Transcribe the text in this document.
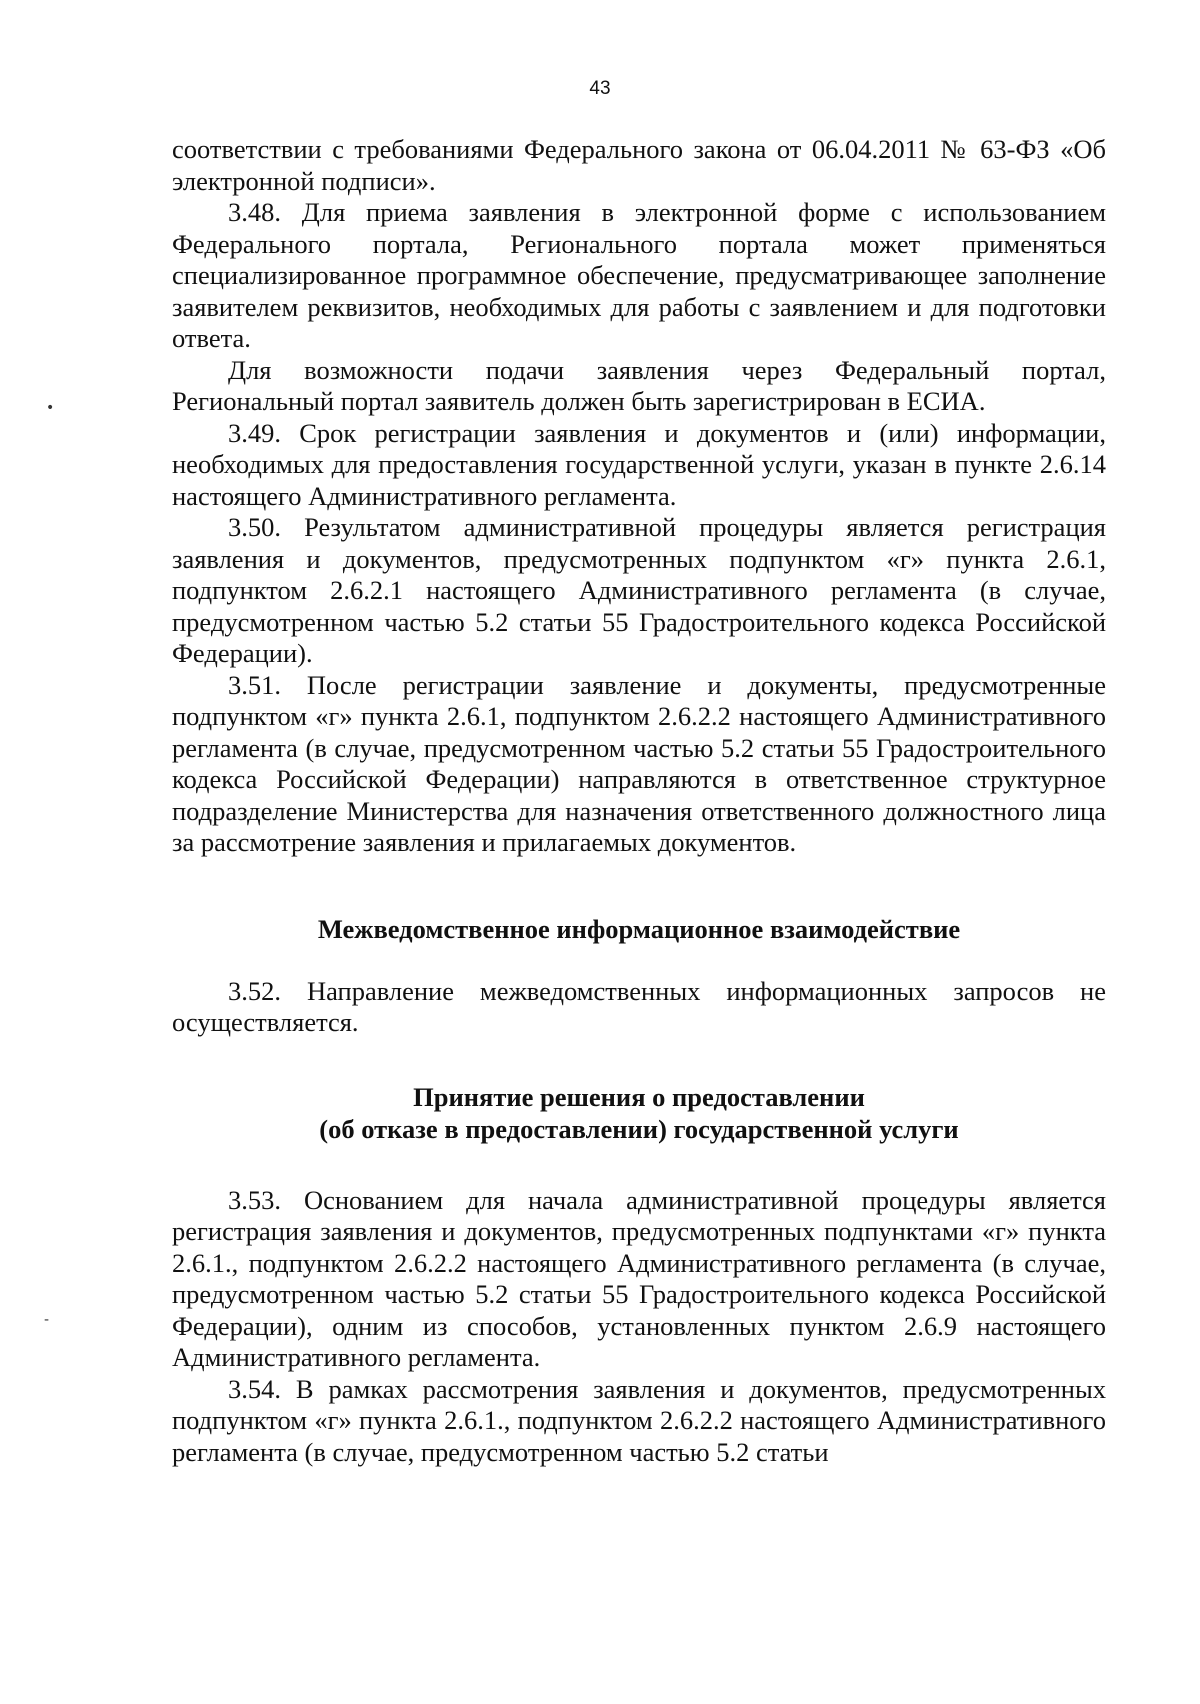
43
•
-

соответствии с требованиями Федерального закона от 06.04.2011 № 63-ФЗ «Об электронной подписи».

3.48. Для приема заявления в электронной форме с использованием Федерального портала, Регионального портала может применяться специализированное программное обеспечение, предусматривающее заполнение заявителем реквизитов, необходимых для работы с заявлением и для подготовки ответа.

Для возможности подачи заявления через Федеральный портал, Региональный портал заявитель должен быть зарегистрирован в ЕСИА.

3.49. Срок регистрации заявления и документов и (или) информации, необходимых для предоставления государственной услуги, указан в пункте 2.6.14 настоящего Административного регламента.

3.50. Результатом административной процедуры является регистрация заявления и документов, предусмотренных подпунктом «г» пункта 2.6.1, подпунктом 2.6.2.1 настоящего Административного регламента (в случае, предусмотренном частью 5.2 статьи 55 Градостроительного кодекса Российской Федерации).

3.51. После регистрации заявление и документы, предусмотренные подпунктом «г» пункта 2.6.1, подпунктом 2.6.2.2 настоящего Административного регламента (в случае, предусмотренном частью 5.2 статьи 55 Градостроительного кодекса Российской Федерации) направляются в ответственное структурное подразделение Министерства для назначения ответственного должностного лица за рассмотрение заявления и прилагаемых документов.

Межведомственное информационное взаимодействие

3.52. Направление межведомственных информационных запросов не осуществляется.

Принятие решения о предоставлении
(об отказе в предоставлении) государственной услуги

3.53. Основанием для начала административной процедуры является регистрация заявления и документов, предусмотренных подпунктами «г» пункта 2.6.1., подпунктом 2.6.2.2 настоящего Административного регламента (в случае, предусмотренном частью 5.2 статьи 55 Градостроительного кодекса Российской Федерации), одним из способов, установленных пунктом 2.6.9 настоящего Административного регламента.

3.54. В рамках рассмотрения заявления и документов, предусмотренных подпунктом «г» пункта 2.6.1., подпунктом 2.6.2.2 настоящего Административного регламента (в случае, предусмотренном частью 5.2 статьи
